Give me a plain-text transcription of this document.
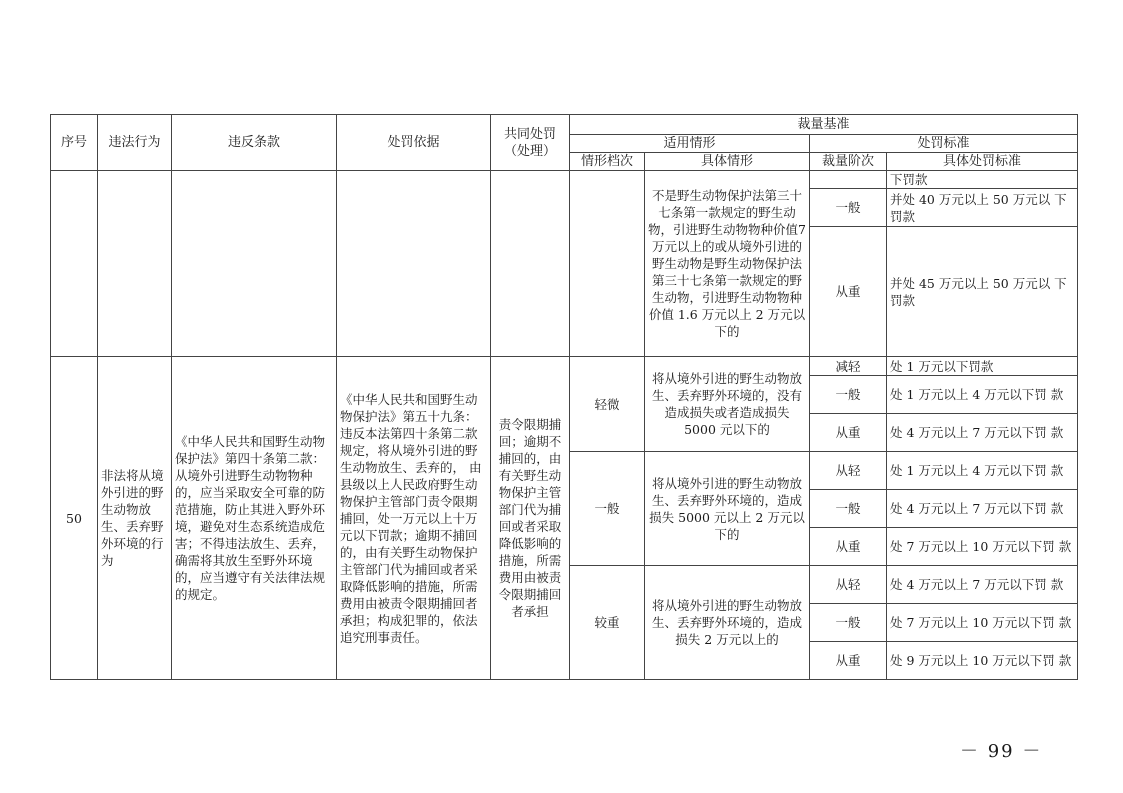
序号	违法行为	违反条款	处罚依据	共同处罚（处理）	裁量基准			
					适用情形		处罚标准	
					情形档次	具体情形	裁量阶次	具体处罚标准
						不是野生动物保护法第三十七条第一款规定的野生动物，引进野生动物物种价值7万元以上的或从境外引进的野生动物是野生动物保护法第三十七条第一款规定的野生动物，引进野生动物物种价值 1.6 万元以上 2 万元以下的		下罚款
							一般	并处 40 万元以上 50 万元以 下罚款
							从重	并处 45 万元以上 50 万元以 下罚款
50	非法将从境外引进的野生动物放生、丢弃野外环境的行为	《中华人民共和国野生动物保护法》第四十条第二款：从境外引进野生动物物种的，应当采取安全可靠的防范措施，防止其进入野外环境，避免对生态系统造成危害；不得违法放生、丢弃，确需将其放生至野外环境的，应当遵守有关法律法规的规定。	《中华人民共和国野生动物保护法》第五十九条：违反本法第四十条第二款规定，将从境外引进的野生动物放生、丢弃的， 由县级以上人民政府野生动物保护主管部门责令限期捕回，处一万元以上十万元以下罚款；逾期不捕回的，由有关野生动物保护主管部门代为捕回或者采取降低影响的措施，所需费用由被责令限期捕回者承担；构成犯罪的，依法追究刑事责任。	责令限期捕回；逾期不捕回的，由有关野生动物保护主管部门代为捕回或者采取降低影响的措施，所需费用由被责令限期捕回者承担	轻微	将从境外引进的野生动物放生、丢弃野外环境的，没有造成损失或者造成损失 5000 元以下的	减轻	处 1 万元以下罚款
							一般	处 1 万元以上 4 万元以下罚 款
							从重	处 4 万元以上 7 万元以下罚 款
					一般	将从境外引进的野生动物放生、丢弃野外环境的，造成损失 5000 元以上 2 万元以下的	从轻	处 1 万元以上 4 万元以下罚 款
							一般	处 4 万元以上 7 万元以下罚 款
							从重	处 7 万元以上 10 万元以下罚 款
					较重	将从境外引进的野生动物放生、丢弃野外环境的，造成损失 2 万元以上的	从轻	处 4 万元以上 7 万元以下罚 款
							一般	处 7 万元以上 10 万元以下罚 款
							从重	处 9 万元以上 10 万元以下罚 款
－ 99 －
